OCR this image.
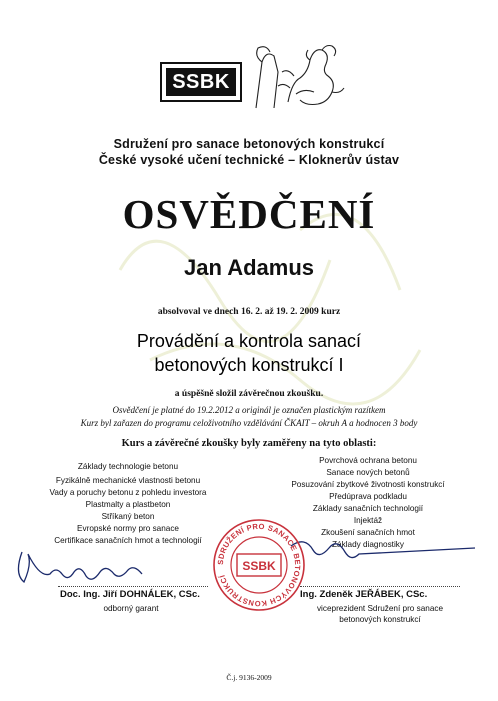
SSBK
Sdružení pro sanace betonových konstrukcí
České vysoké učení technické – Kloknerův ústav
OSVĚDČENÍ
Jan Adamus
absolvoval ve dnech 16. 2. až 19. 2. 2009 kurz
Provádění a kontrola sanací
betonových konstrukcí I
a úspěšně složil závěrečnou zkoušku.
Osvědčení je platné do 19.2.2012 a originál je označen plastickým razítkem
Kurz byl zařazen do programu celoživotního vzdělávání ČKAIT – okruh A a hodnocen 3 body
Kurs a závěrečné zkoušky byly zaměřeny na tyto oblasti:
Základy technologie betonu
Fyzikálně mechanické vlastnosti betonu
Vady a poruchy betonu z pohledu investora
Plastmalty a plastbeton
Stříkaný beton
Evropské normy pro sanace
Certifikace sanačních hmot a technologií
Povrchová ochrana betonu
Sanace nových betonů
Posuzování zbytkové životnosti konstrukcí
Předúprava podkladu
Základy sanačních technologií
Injektáž
Zkoušení sanačních hmot
Základy diagnostiky
SDRUŽENÍ PRO SANACE BETONOVÝCH KONSTRUKCÍ
SSBK
Doc. Ing. Jiří DOHNÁLEK, CSc.
odborný garant
Ing. Zdeněk JEŘÁBEK, CSc.
viceprezident Sdružení pro sanace
betonových konstrukcí
Č.j. 9136-2009
